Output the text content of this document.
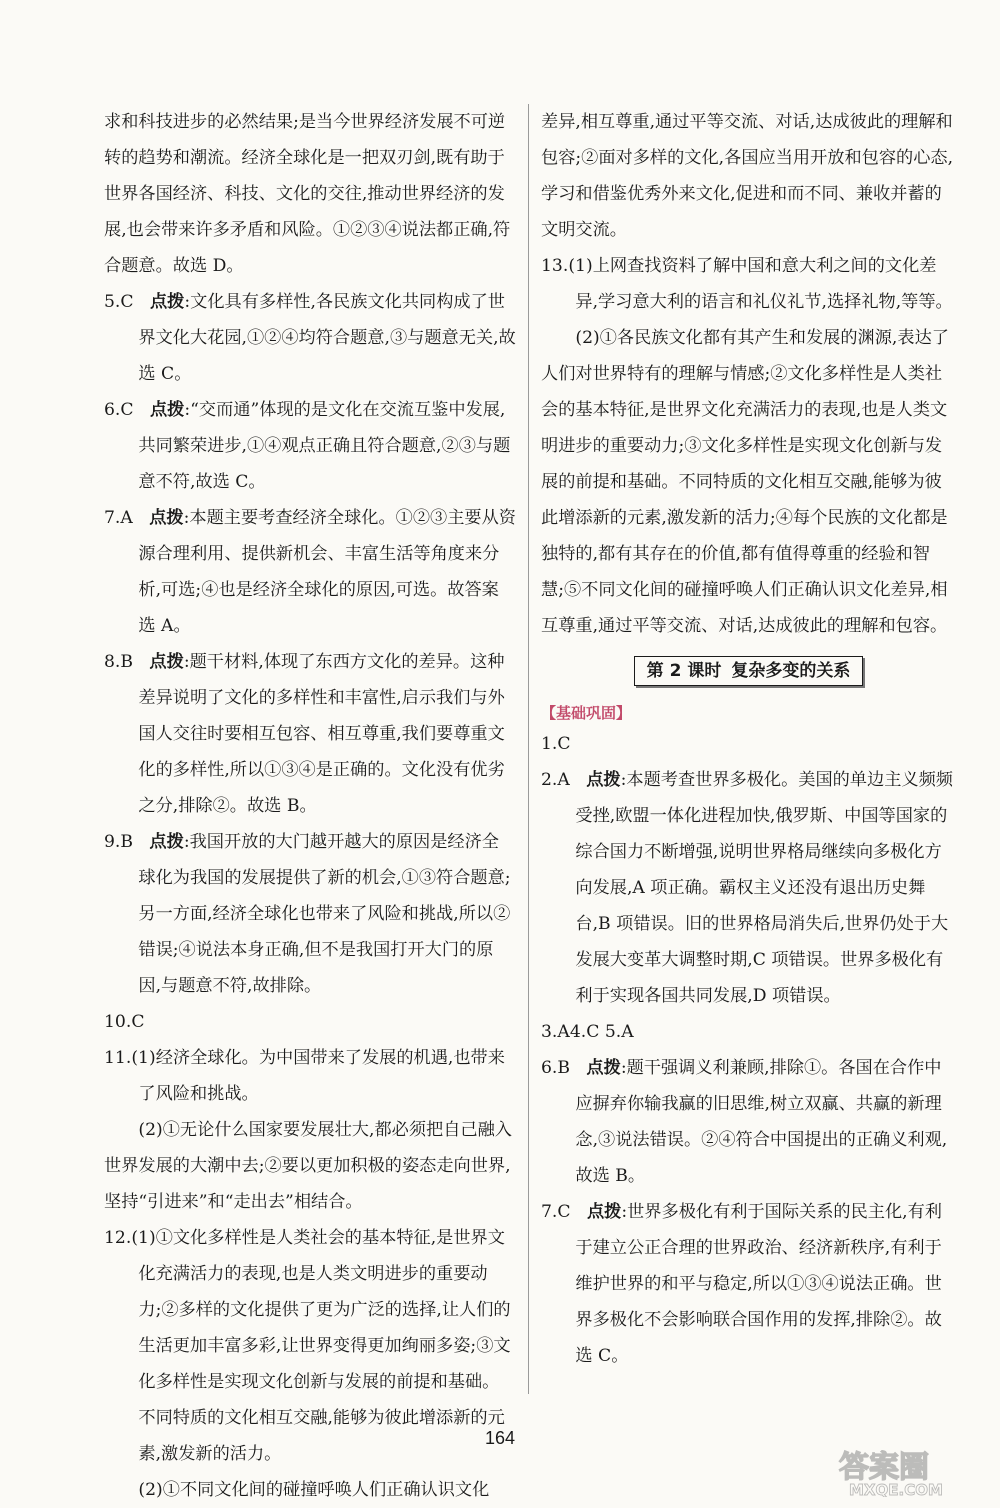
求和科技进步的必然结果;是当今世界经济发展不可逆转的趋势和潮流。经济全球化是一把双刃剑,既有助于世界各国经济、科技、文化的交往,推动世界经济的发展,也会带来许多矛盾和风险。①②③④说法都正确,符合题意。故选 D。

5.C 点拨:文化具有多样性,各民族文化共同构成了世界文化大花园,①②④均符合题意,③与题意无关,故选 C。

6.C 点拨:“交而通”体现的是文化在交流互鉴中发展,共同繁荣进步,①④观点正确且符合题意,②③与题意不符,故选 C。

7.A 点拨:本题主要考查经济全球化。①②③主要从资源合理利用、提供新机会、丰富生活等角度来分析,可选;④也是经济全球化的原因,可选。故答案选 A。

8.B 点拨:题干材料,体现了东西方文化的差异。这种差异说明了文化的多样性和丰富性,启示我们与外国人交往时要相互包容、相互尊重,我们要尊重文化的多样性,所以①③④是正确的。文化没有优劣之分,排除②。故选 B。

9.B 点拨:我国开放的大门越开越大的原因是经济全球化为我国的发展提供了新的机会,①③符合题意;另一方面,经济全球化也带来了风险和挑战,所以②错误;④说法本身正确,但不是我国打开大门的原因,与题意不符,故排除。

10.C

11.(1)经济全球化。为中国带来了发展的机遇,也带来了风险和挑战。

(2)①无论什么国家要发展壮大,都必须把自己融入世界发展的大潮中去;②要以更加积极的姿态走向世界,坚持“引进来”和“走出去”相结合。

12.(1)①文化多样性是人类社会的基本特征,是世界文化充满活力的表现,也是人类文明进步的重要动力;②多样的文化提供了更为广泛的选择,让人们的生活更加丰富多彩,让世界变得更加绚丽多姿;③文化多样性是实现文化创新与发展的前提和基础。不同特质的文化相互交融,能够为彼此增添新的元素,激发新的活力。

(2)①不同文化间的碰撞呼唤人们正确认识文化

差异,相互尊重,通过平等交流、对话,达成彼此的理解和包容;②面对多样的文化,各国应当用开放和包容的心态,学习和借鉴优秀外来文化,促进和而不同、兼收并蓄的文明交流。

13.(1)上网查找资料了解中国和意大利之间的文化差异,学习意大利的语言和礼仪礼节,选择礼物,等等。

(2)①各民族文化都有其产生和发展的渊源,表达了人们对世界特有的理解与情感;②文化多样性是人类社会的基本特征,是世界文化充满活力的表现,也是人类文明进步的重要动力;③文化多样性是实现文化创新与发展的前提和基础。不同特质的文化相互交融,能够为彼此增添新的元素,激发新的活力;④每个民族的文化都是独特的,都有其存在的价值,都有值得尊重的经验和智慧;⑤不同文化间的碰撞呼唤人们正确认识文化差异,相互尊重,通过平等交流、对话,达成彼此的理解和包容。

第 2 课时 复杂多变的关系
【基础巩固】

1.C

2.A 点拨:本题考查世界多极化。美国的单边主义频频受挫,欧盟一体化进程加快,俄罗斯、中国等国家的综合国力不断增强,说明世界格局继续向多极化方向发展,A 项正确。霸权主义还没有退出历史舞台,B 项错误。旧的世界格局消失后,世界仍处于大发展大变革大调整时期,C 项错误。世界多极化有利于实现各国共同发展,D 项错误。

3.A4.C 5.A

6.B 点拨:题干强调义利兼顾,排除①。各国在合作中应摒弃你输我赢的旧思维,树立双赢、共赢的新理念,③说法错误。②④符合中国提出的正确义利观,故选 B。

7.C 点拨:世界多极化有利于国际关系的民主化,有利于建立公正合理的世界政治、经济新秩序,有利于维护世界的和平与稳定,所以①③④说法正确。世界多极化不会影响联合国作用的发挥,排除②。故选 C。

164
答案圈
MXQE.COM
